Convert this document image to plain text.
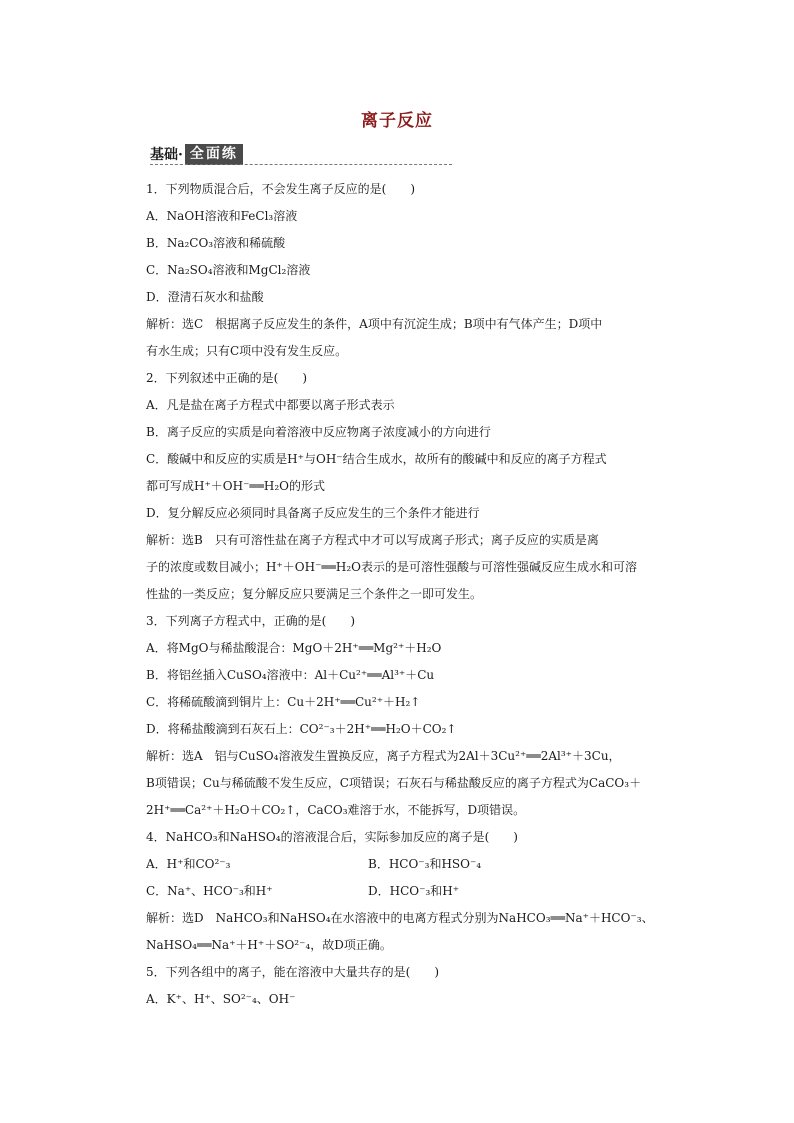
离子反应
基础· 全面练
1．下列物质混合后，不会发生离子反应的是(　　)
A．NaOH溶液和FeCl₃溶液
B．Na₂CO₃溶液和稀硫酸
C．Na₂SO₄溶液和MgCl₂溶液
D．澄清石灰水和盐酸
解析：选C　根据离子反应发生的条件，A项中有沉淀生成；B项中有气体产生；D项中
有水生成；只有C项中没有发生反应。
2．下列叙述中正确的是(　　)
A．凡是盐在离子方程式中都要以离子形式表示
B．离子反应的实质是向着溶液中反应物离子浓度减小的方向进行
C．酸碱中和反应的实质是H⁺与OH⁻结合生成水，故所有的酸碱中和反应的离子方程式
都可写成H⁺＋OH⁻══H₂O的形式
D．复分解反应必须同时具备离子反应发生的三个条件才能进行
解析：选B　只有可溶性盐在离子方程式中才可以写成离子形式；离子反应的实质是离
子的浓度或数目减小；H⁺＋OH⁻══H₂O表示的是可溶性强酸与可溶性强碱反应生成水和可溶
性盐的一类反应；复分解反应只要满足三个条件之一即可发生。
3．下列离子方程式中，正确的是(　　)
A．将MgO与稀盐酸混合：MgO＋2H⁺══Mg²⁺＋H₂O
B．将铝丝插入CuSO₄溶液中：Al＋Cu²⁺══Al³⁺＋Cu
C．将稀硫酸滴到铜片上：Cu＋2H⁺══Cu²⁺＋H₂↑
D．将稀盐酸滴到石灰石上：CO²⁻₃＋2H⁺══H₂O＋CO₂↑
解析：选A　铝与CuSO₄溶液发生置换反应，离子方程式为2Al＋3Cu²⁺══2Al³⁺＋3Cu，
B项错误；Cu与稀硫酸不发生反应，C项错误；石灰石与稀盐酸反应的离子方程式为CaCO₃＋
2H⁺══Ca²⁺＋H₂O＋CO₂↑，CaCO₃难溶于水，不能拆写，D项错误。
4．NaHCO₃和NaHSO₄的溶液混合后，实际参加反应的离子是(　　)
A．H⁺和CO²⁻₃	B．HCO⁻₃和HSO⁻₄
C．Na⁺、HCO⁻₃和H⁺	D．HCO⁻₃和H⁺
解析：选D　NaHCO₃和NaHSO₄在水溶液中的电离方程式分别为NaHCO₃══Na⁺＋HCO⁻₃、
NaHSO₄══Na⁺＋H⁺＋SO²⁻₄，故D项正确。
5．下列各组中的离子，能在溶液中大量共存的是(　　)
A．K⁺、H⁺、SO²⁻₄、OH⁻
